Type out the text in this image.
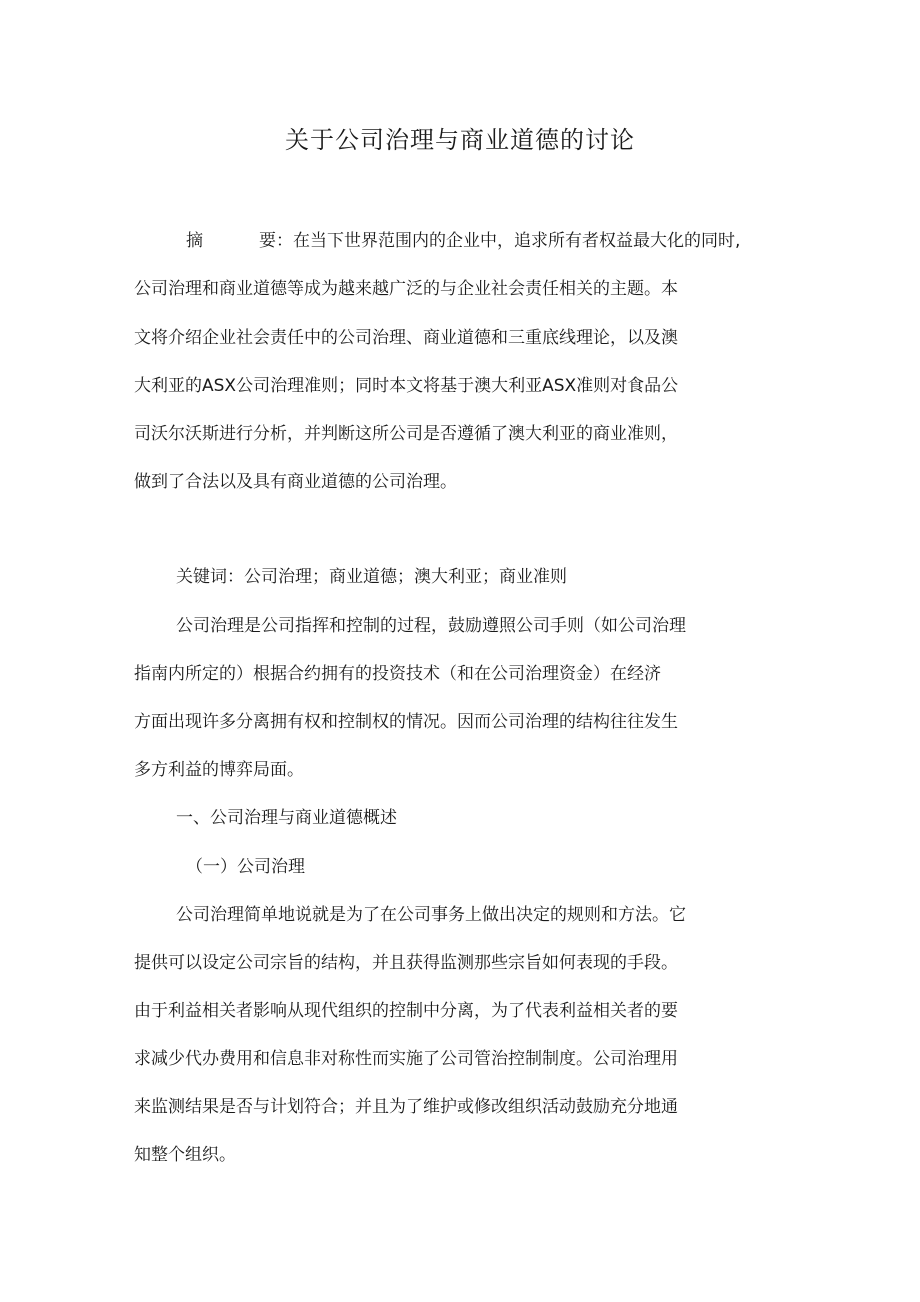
关于公司治理与商业道德的讨论

摘	要：在当下世界范围内的企业中，追求所有者权益最大化的同时,

公司治理和商业道德等成为越来越广泛的与企业社会责任相关的主题。本

文将介绍企业社会责任中的公司治理、商业道德和三重底线理论，以及澳

大利亚的ASX公司治理准则；同时本文将基于澳大利亚ASX准则对食品公

司沃尔沃斯进行分析，并判断这所公司是否遵循了澳大利亚的商业准则，

做到了合法以及具有商业道德的公司治理。

关键词：公司治理；商业道德；澳大利亚；商业准则

公司治理是公司指挥和控制的过程，鼓励遵照公司手则（如公司治理

指南内所定的）根据合约拥有的投资技术（和在公司治理资金）在经济

方面出现许多分离拥有权和控制权的情况。因而公司治理的结构往往发生

多方利益的博弈局面。

一、公司治理与商业道德概述

（一）公司治理

公司治理简单地说就是为了在公司事务上做出决定的规则和方法。它

提供可以设定公司宗旨的结构，并且获得监测那些宗旨如何表现的手段。

由于利益相关者影响从现代组织的控制中分离，为了代表利益相关者的要

求减少代办费用和信息非对称性而实施了公司管治控制制度。公司治理用

来监测结果是否与计划符合；并且为了维护或修改组织活动鼓励充分地通

知整个组织。
